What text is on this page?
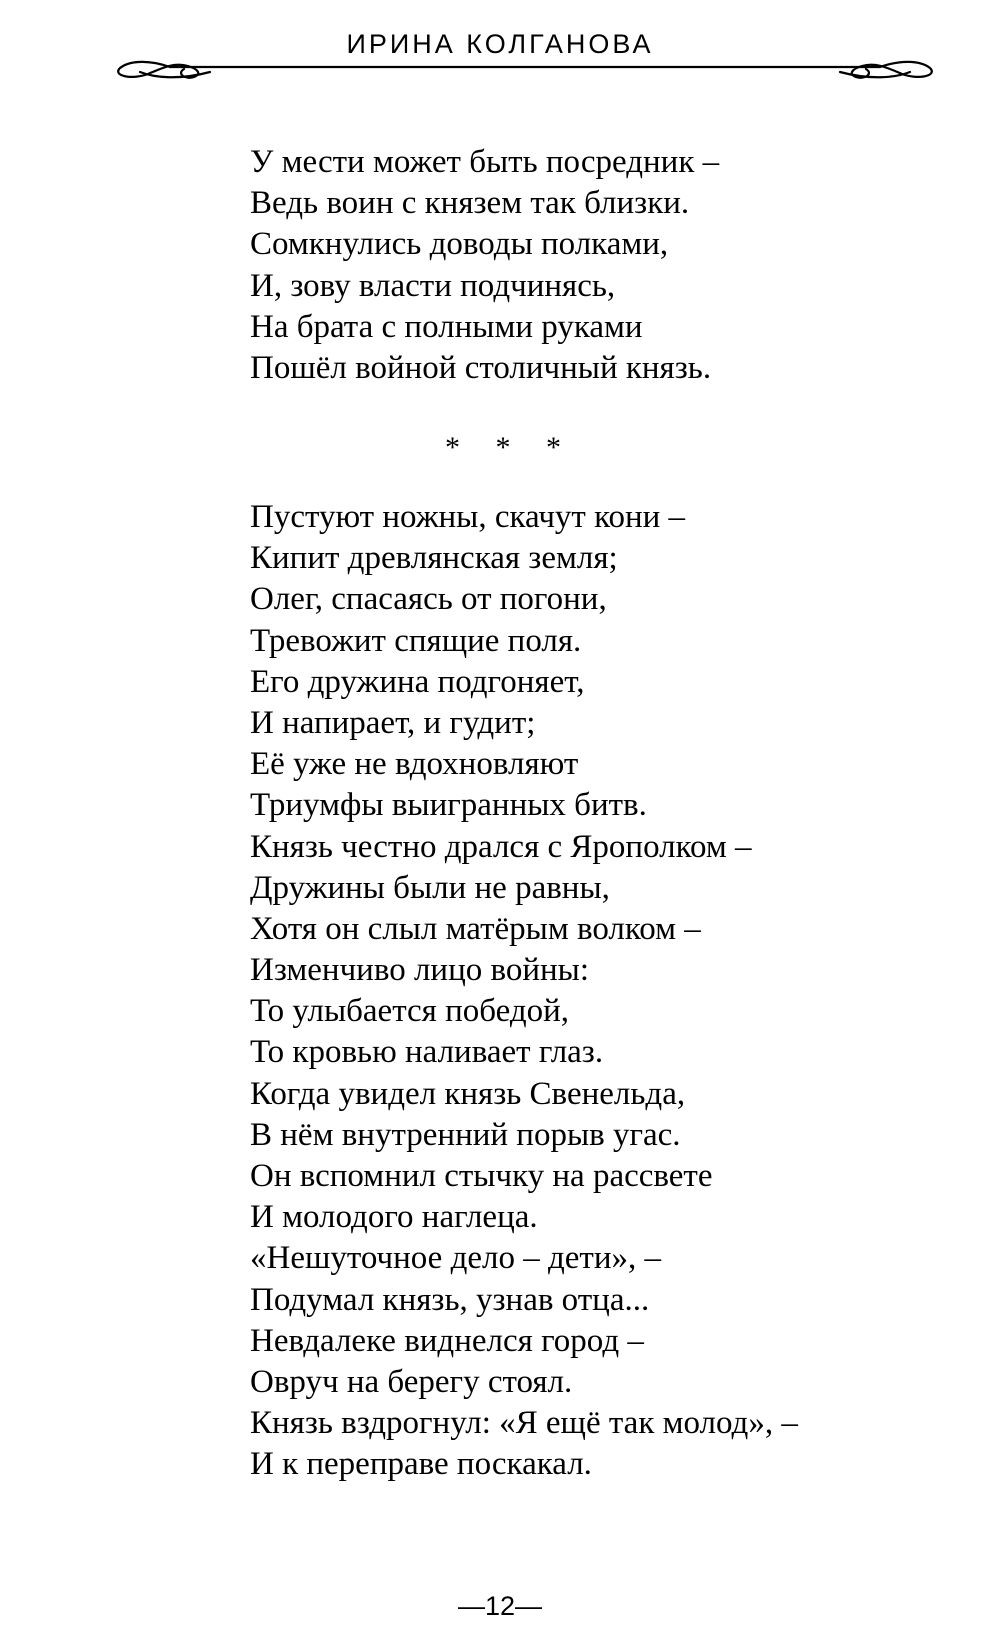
ИРИНА КОЛГАНОВА
У мести может быть посредник –
Ведь воин с князем так близки.
Сомкнулись доводы полками,
И, зову власти подчинясь,
На брата с полными руками
Пошёл войной столичный князь.
* * *
Пустуют ножны, скачут кони –
Кипит древлянская земля;
Олег, спасаясь от погони,
Тревожит спящие поля.
Его дружина подгоняет,
И напирает, и гудит;
Её уже не вдохновляют
Триумфы выигранных битв.
Князь честно дрался с Ярополком –
Дружины были не равны,
Хотя он слыл матёрым волком –
Изменчиво лицо войны:
То улыбается победой,
То кровью наливает глаз.
Когда увидел князь Свенельда,
В нём внутренний порыв угас.
Он вспомнил стычку на рассвете
И молодого наглеца.
«Нешуточное дело – дети», –
Подумал князь, узнав отца...
Невдалеке виднелся город –
Овруч на берегу стоял.
Князь вздрогнул: «Я ещё так молод», –
И к переправе поскакал.
—12—
